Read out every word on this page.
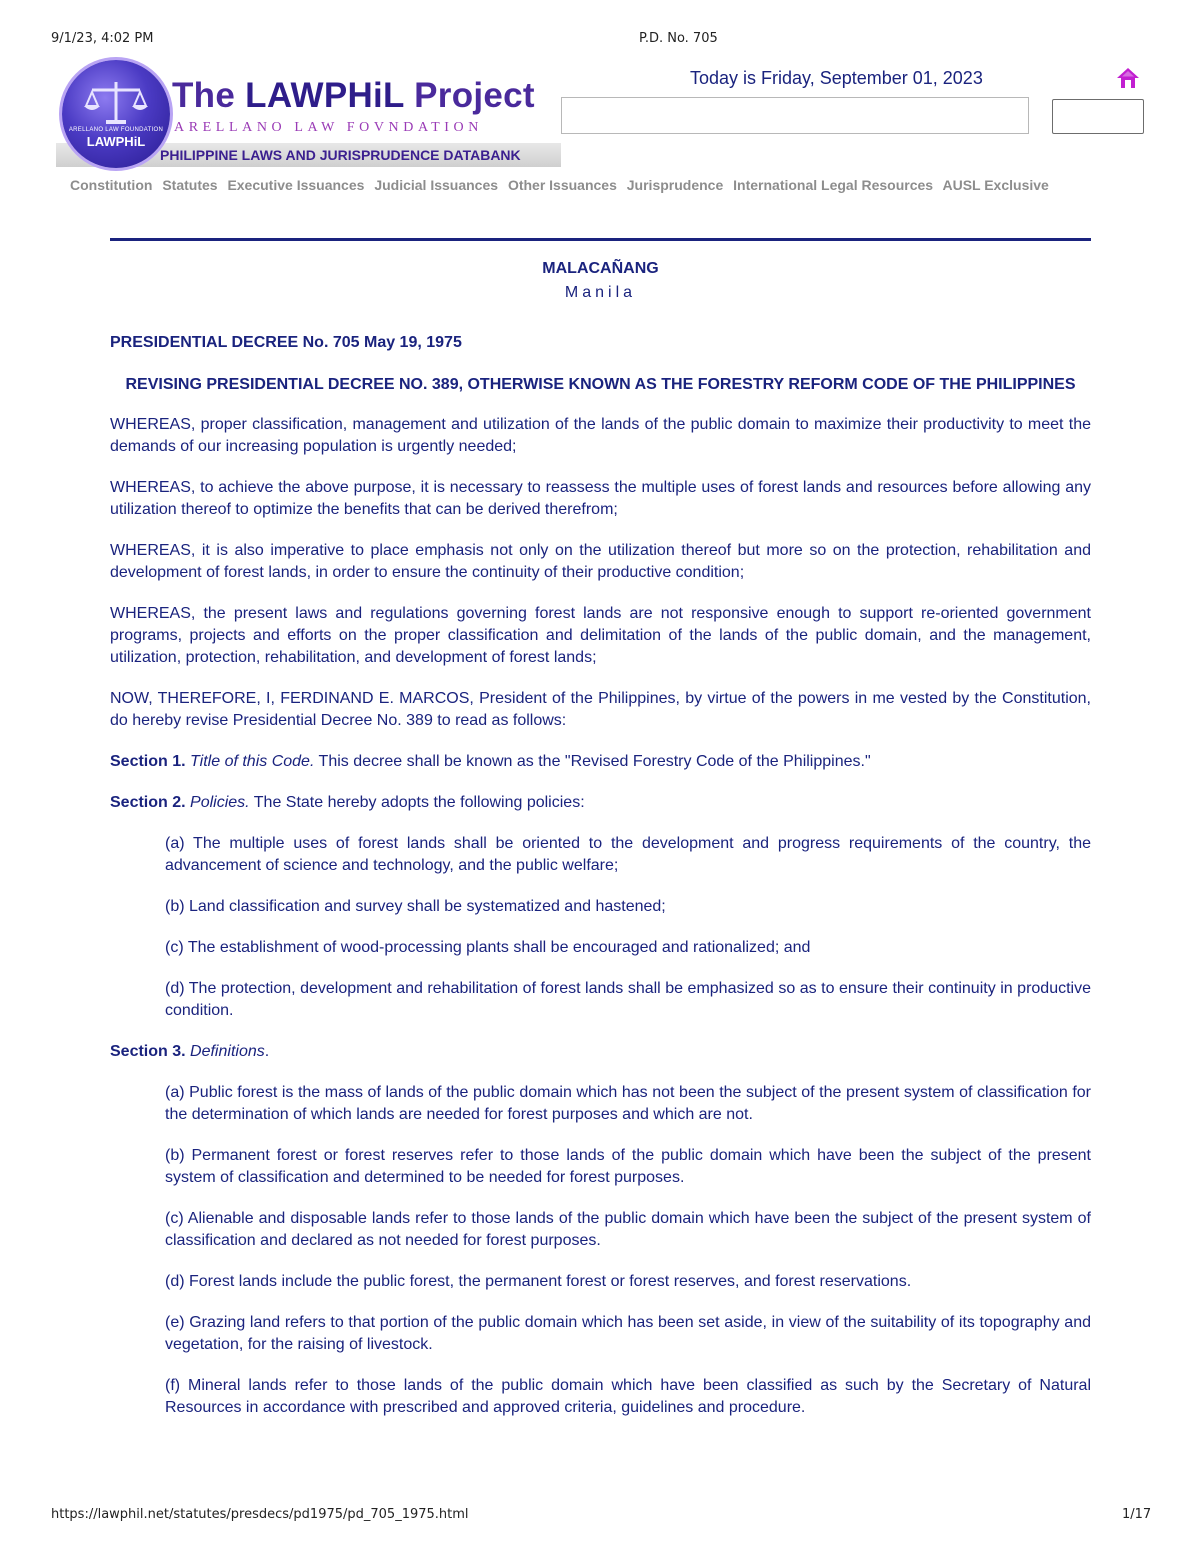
9/1/23, 4:02 PM	P.D. No. 705
PHILIPPINE LAWS AND JURISPRUDENCE DATABANK
ARELLANO LAW FOUNDATION
LAWPHiL
The LAWPHiL Project
ARELLANO LAW FOVNDATION
Today is Friday, September 01, 2023
Constitution Statutes Executive Issuances Judicial Issuances Other Issuances Jurisprudence International Legal Resources AUSL Exclusive
MALACAÑANG
Manila
PRESIDENTIAL DECREE No. 705 May 19, 1975
REVISING PRESIDENTIAL DECREE NO. 389, OTHERWISE KNOWN AS THE FORESTRY REFORM CODE OF THE PHILIPPINES

WHEREAS, proper classification, management and utilization of the lands of the public domain to maximize their productivity to meet the demands of our increasing population is urgently needed;

WHEREAS, to achieve the above purpose, it is necessary to reassess the multiple uses of forest lands and resources before allowing any utilization thereof to optimize the benefits that can be derived therefrom;

WHEREAS, it is also imperative to place emphasis not only on the utilization thereof but more so on the protection, rehabilitation and development of forest lands, in order to ensure the continuity of their productive condition;

WHEREAS, the present laws and regulations governing forest lands are not responsive enough to support re-oriented government programs, projects and efforts on the proper classification and delimitation of the lands of the public domain, and the management, utilization, protection, rehabilitation, and development of forest lands;

NOW, THEREFORE, I, FERDINAND E. MARCOS, President of the Philippines, by virtue of the powers in me vested by the Constitution, do hereby revise Presidential Decree No. 389 to read as follows:

Section 1. Title of this Code. This decree shall be known as the "Revised Forestry Code of the Philippines."

Section 2. Policies. The State hereby adopts the following policies:

(a) The multiple uses of forest lands shall be oriented to the development and progress requirements of the country, the advancement of science and technology, and the public welfare;

(b) Land classification and survey shall be systematized and hastened;

(c) The establishment of wood-processing plants shall be encouraged and rationalized; and

(d) The protection, development and rehabilitation of forest lands shall be emphasized so as to ensure their continuity in productive condition.

Section 3. Definitions.

(a) Public forest is the mass of lands of the public domain which has not been the subject of the present system of classification for the determination of which lands are needed for forest purposes and which are not.

(b) Permanent forest or forest reserves refer to those lands of the public domain which have been the subject of the present system of classification and determined to be needed for forest purposes.

(c) Alienable and disposable lands refer to those lands of the public domain which have been the subject of the present system of classification and declared as not needed for forest purposes.

(d) Forest lands include the public forest, the permanent forest or forest reserves, and forest reservations.

(e) Grazing land refers to that portion of the public domain which has been set aside, in view of the suitability of its topography and vegetation, for the raising of livestock.

(f) Mineral lands refer to those lands of the public domain which have been classified as such by the Secretary of Natural Resources in accordance with prescribed and approved criteria, guidelines and procedure.

https://lawphil.net/statutes/presdecs/pd1975/pd_705_1975.html	1/17
